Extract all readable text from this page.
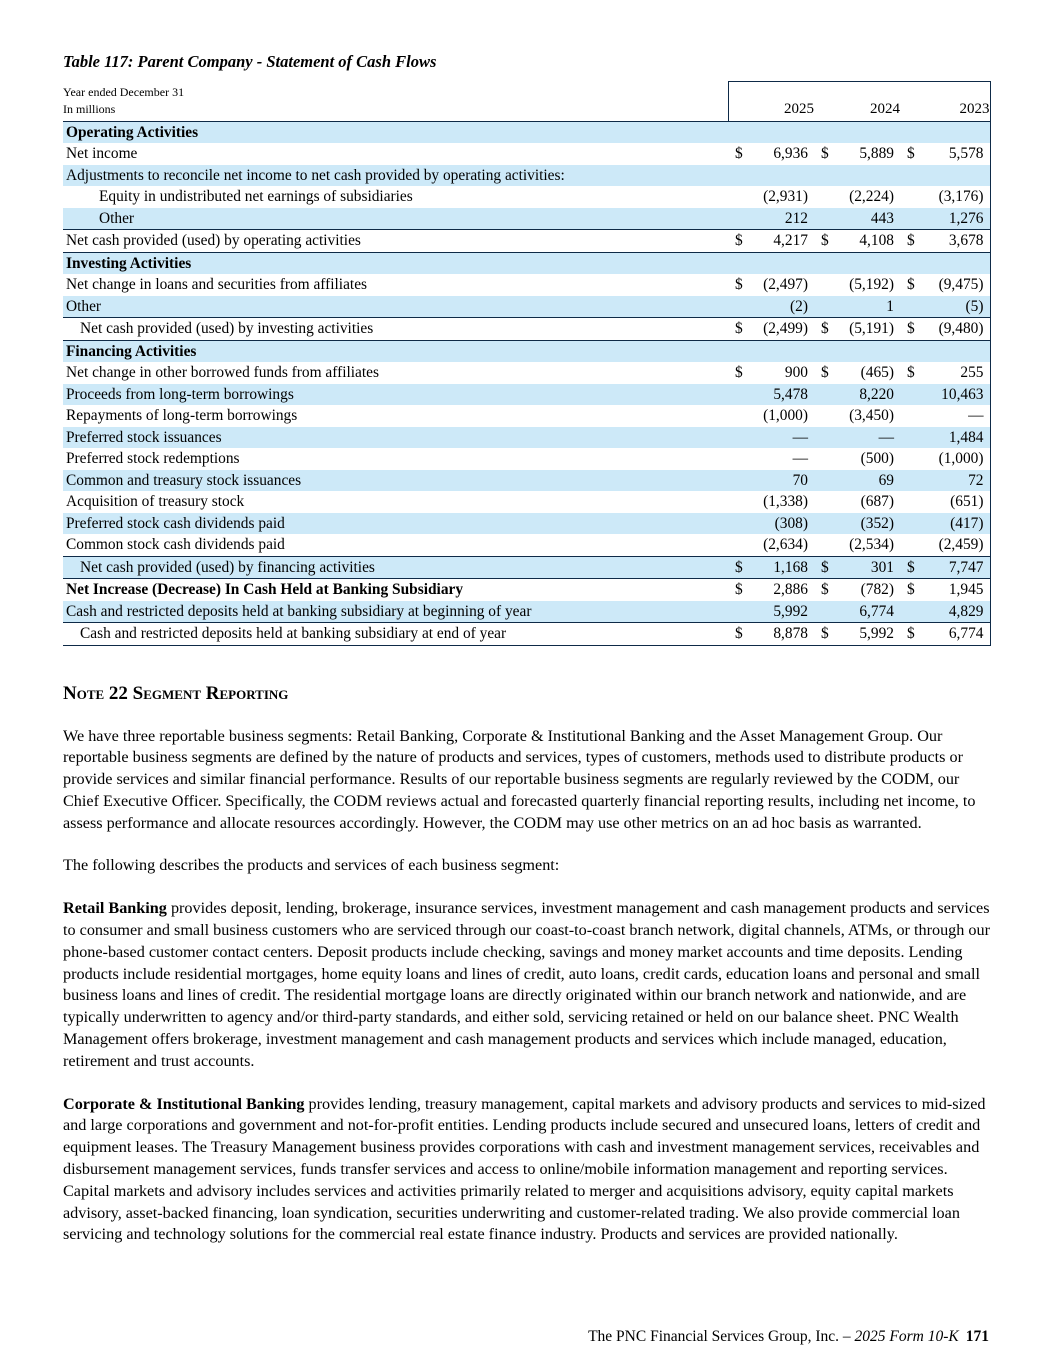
Table 117: Parent Company - Statement of Cash Flows
Year ended December 31
In millions	2025		2024		2023	
Operating Activities						
Net income	$	6,936	$	5,889	$	5,578
Adjustments to reconcile net income to net cash provided by operating activities:						
Equity in undistributed net earnings of subsidiaries		(2,931)		(2,224)		(3,176)
Other		212		443		1,276
Net cash provided (used) by operating activities	$	4,217	$	4,108	$	3,678
Investing Activities						
Net change in loans and securities from affiliates	$	(2,497)		(5,192)	$	(9,475)
Other		(2)		1		(5)
Net cash provided (used) by investing activities	$	(2,499)	$	(5,191)	$	(9,480)
Financing Activities						
Net change in other borrowed funds from affiliates	$	900	$	(465)	$	255
Proceeds from long-term borrowings		5,478		8,220		10,463
Repayments of long-term borrowings		(1,000)		(3,450)		—
Preferred stock issuances		—		—		1,484
Preferred stock redemptions		—		(500)		(1,000)
Common and treasury stock issuances		70		69		72
Acquisition of treasury stock		(1,338)		(687)		(651)
Preferred stock cash dividends paid		(308)		(352)		(417)
Common stock cash dividends paid		(2,634)		(2,534)		(2,459)
Net cash provided (used) by financing activities	$	1,168	$	301	$	7,747
Net Increase (Decrease) In Cash Held at Banking Subsidiary	$	2,886	$	(782)	$	1,945
Cash and restricted deposits held at banking subsidiary at beginning of year		5,992		6,774		4,829
Cash and restricted deposits held at banking subsidiary at end of year	$	8,878	$	5,992	$	6,774
Note 22 Segment Reporting

We have three reportable business segments: Retail Banking, Corporate & Institutional Banking and the Asset Management Group. Our reportable business segments are defined by the nature of products and services, types of customers, methods used to distribute products or provide services and similar financial performance. Results of our reportable business segments are regularly reviewed by the CODM, our Chief Executive Officer. Specifically, the CODM reviews actual and forecasted quarterly financial reporting results, including net income, to assess performance and allocate resources accordingly. However, the CODM may use other metrics on an ad hoc basis as warranted.

The following describes the products and services of each business segment:

Retail Banking provides deposit, lending, brokerage, insurance services, investment management and cash management products and services to consumer and small business customers who are serviced through our coast-to-coast branch network, digital channels, ATMs, or through our phone-based customer contact centers. Deposit products include checking, savings and money market accounts and time deposits. Lending products include residential mortgages, home equity loans and lines of credit, auto loans, credit cards, education loans and personal and small business loans and lines of credit. The residential mortgage loans are directly originated within our branch network and nationwide, and are typically underwritten to agency and/or third-party standards, and either sold, servicing retained or held on our balance sheet. PNC Wealth Management offers brokerage, investment management and cash management products and services which include managed, education, retirement and trust accounts.

Corporate & Institutional Banking provides lending, treasury management, capital markets and advisory products and services to mid-sized and large corporations and government and not-for-profit entities. Lending products include secured and unsecured loans, letters of credit and equipment leases. The Treasury Management business provides corporations with cash and investment management services, receivables and disbursement management services, funds transfer services and access to online/mobile information management and reporting services. Capital markets and advisory includes services and activities primarily related to merger and acquisitions advisory, equity capital markets advisory, asset-backed financing, loan syndication, securities underwriting and customer-related trading. We also provide commercial loan servicing and technology solutions for the commercial real estate finance industry. Products and services are provided nationally.

The PNC Financial Services Group, Inc. – 2025 Form 10-K 171
